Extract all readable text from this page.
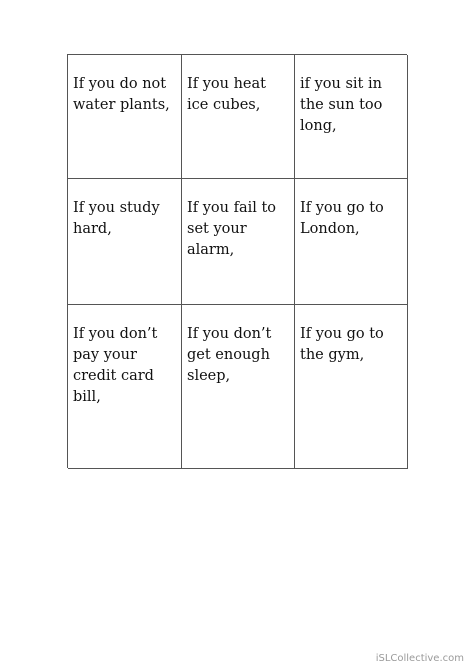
If you do not
water plants,
If you heat
ice cubes,
if you sit in
the sun too
long,
If you study
hard,
If you fail to
set your
alarm,
If you go to
London,
If you don’t
pay your
credit card
bill,
If you don’t
get enough
sleep,
If you go to
the gym,
iSLCollective.com
